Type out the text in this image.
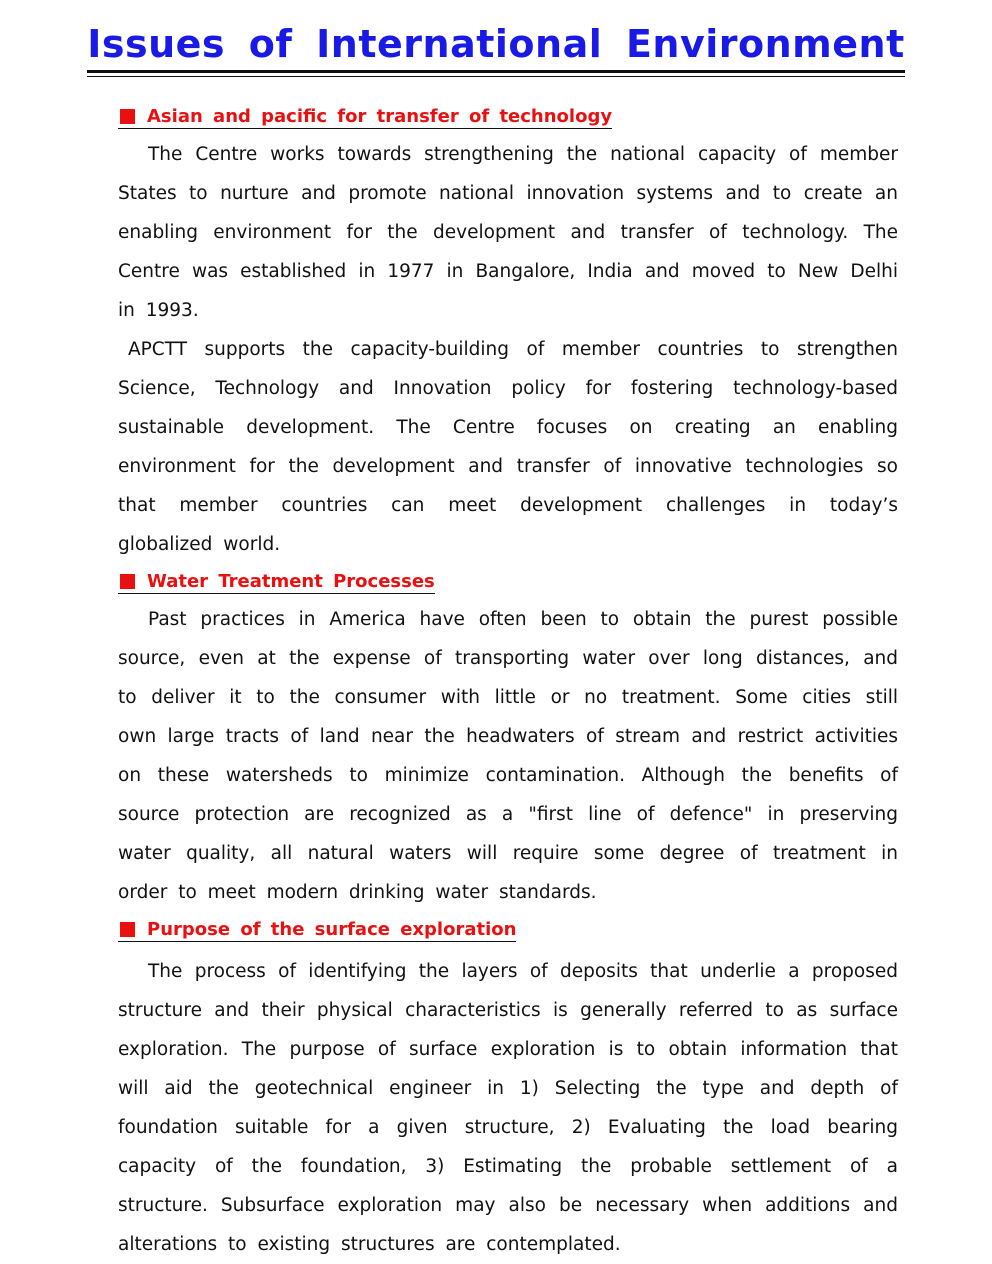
Issues of International Environment
Asian and pacific for transfer of technology

The Centre works towards strengthening the national capacity of member States to nurture and promote national innovation systems and to create an enabling environment for the development and transfer of technology. The Centre was established in 1977 in Bangalore, India and moved to New Delhi in 1993.

APCTT supports the capacity-building of member countries to strengthen Science, Technology and Innovation policy for fostering technology-based sustainable development. The Centre focuses on creating an enabling environment for the development and transfer of innovative technologies so that member countries can meet development challenges in today’s globalized world.

Water Treatment Processes

Past practices in America have often been to obtain the purest possible source, even at the expense of transporting water over long distances, and to deliver it to the consumer with little or no treatment. Some cities still own large tracts of land near the headwaters of stream and restrict activities on these watersheds to minimize contamination. Although the benefits of source protection are recognized as a "first line of defence" in preserving water quality, all natural waters will require some degree of treatment in order to meet modern drinking water standards.

Purpose of the surface exploration

The process of identifying the layers of deposits that underlie a proposed structure and their physical characteristics is generally referred to as surface exploration. The purpose of surface exploration is to obtain information that will aid the geotechnical engineer in 1) Selecting the type and depth of foundation suitable for a given structure, 2) Evaluating the load bearing capacity of the foundation, 3) Estimating the probable settlement of a structure. Subsurface exploration may also be necessary when additions and alterations to existing structures are contemplated.
